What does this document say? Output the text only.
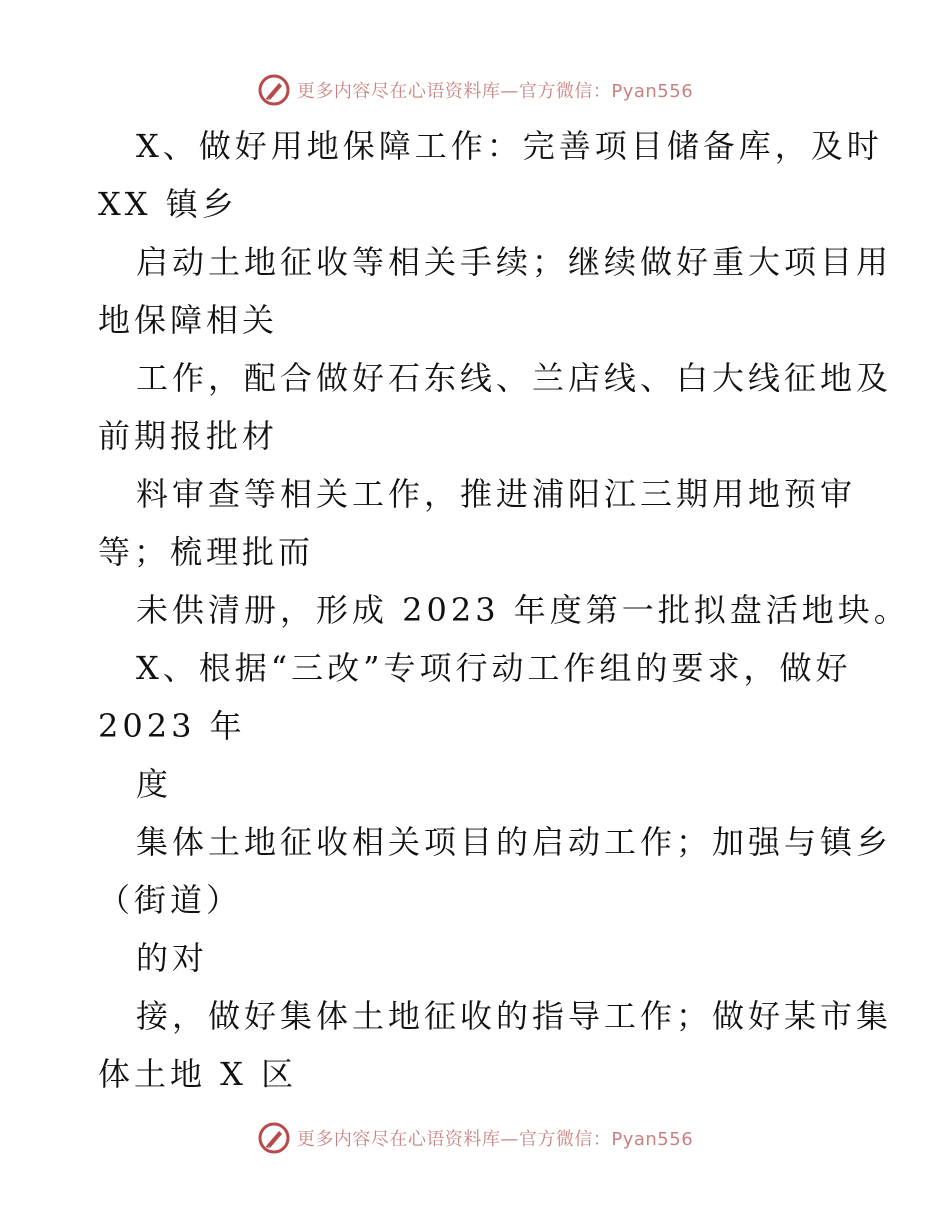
更多内容尽在心语资料库—官方微信：Pyan556
X、做好用地保障工作：完善项目储备库，及时
XX 镇乡
启动土地征收等相关手续；继续做好重大项目用
地保障相关
工作，配合做好石东线、兰店线、白大线征地及
前期报批材
料审查等相关工作，推进浦阳江三期用地预审
等；梳理批而
未供清册，形成 2023 年度第一批拟盘活地块。
X、根据“三改”专项行动工作组的要求，做好
2023 年
度
集体土地征收相关项目的启动工作；加强与镇乡
（街道）
的对
接，做好集体土地征收的指导工作；做好某市集
体土地 X 区
更多内容尽在心语资料库—官方微信：Pyan556
